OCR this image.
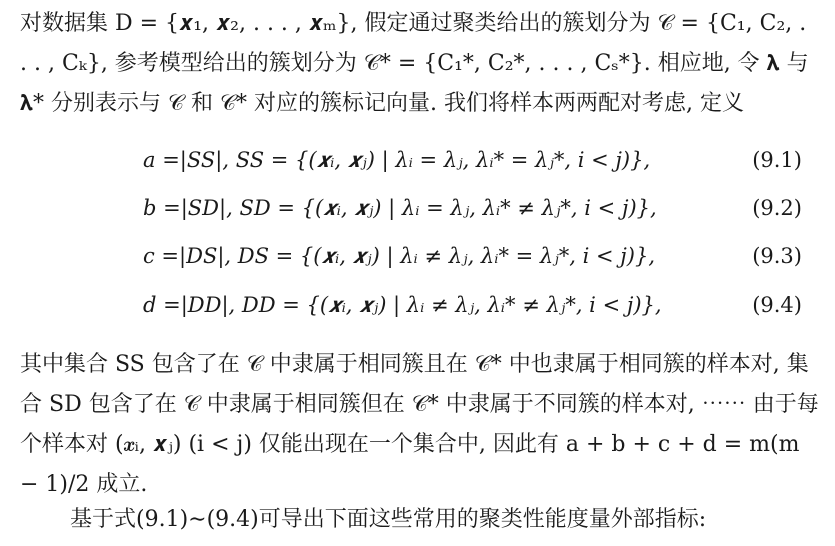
对数据集 D = {𝒙₁, 𝒙₂, . . . , 𝒙ₘ}, 假定通过聚类给出的簇划分为 𝒞 = {C₁, C₂, . . . , Cₖ}, 参考模型给出的簇划分为 𝒞* = {C₁*, C₂*, . . . , Cₛ*}. 相应地, 令 𝛌 与 𝛌* 分别表示与 𝒞 和 𝒞* 对应的簇标记向量. 我们将样本两两配对考虑, 定义

a =|SS|, SS = {(𝒙ᵢ, 𝒙ⱼ) | λᵢ = λⱼ, λᵢ* = λⱼ*, i < j)},	(9.1)
b =|SD|, SD = {(𝒙ᵢ, 𝒙ⱼ) | λᵢ = λⱼ, λᵢ* ≠ λⱼ*, i < j)},	(9.2)
c =|DS|, DS = {(𝒙ᵢ, 𝒙ⱼ) | λᵢ ≠ λⱼ, λᵢ* = λⱼ*, i < j)},	(9.3)
d =|DD|, DD = {(𝒙ᵢ, 𝒙ⱼ) | λᵢ ≠ λⱼ, λᵢ* ≠ λⱼ*, i < j)},	(9.4)

其中集合 SS 包含了在 𝒞 中隶属于相同簇且在 𝒞* 中也隶属于相同簇的样本对, 集合 SD 包含了在 𝒞 中隶属于相同簇但在 𝒞* 中隶属于不同簇的样本对, ⋯⋯ 由于每个样本对 (𝒙ᵢ, 𝒙ⱼ) (i < j) 仅能出现在一个集合中, 因此有 a + b + c + d = m(m − 1)/2 成立.

基于式(9.1)∼(9.4)可导出下面这些常用的聚类性能度量外部指标:
